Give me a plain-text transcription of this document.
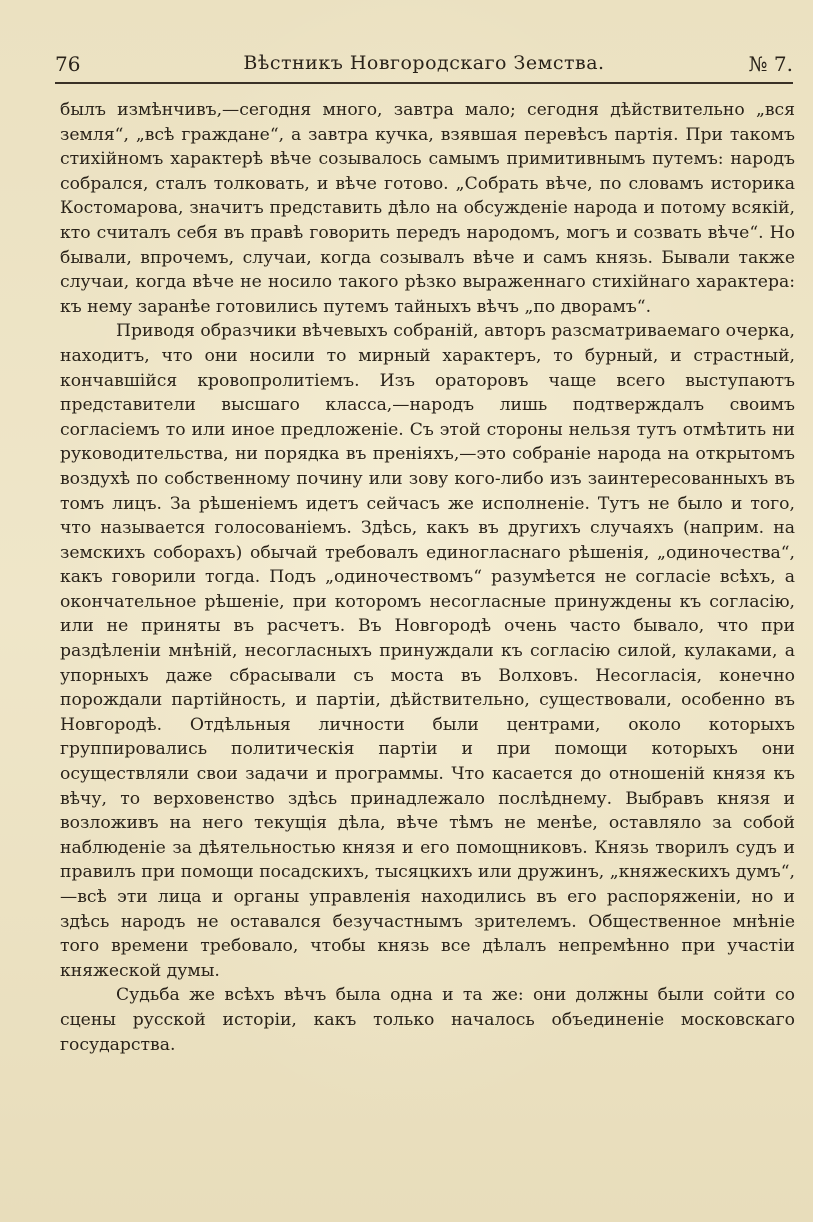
76	Вѣстникъ Новгородскаго Земства.	№ 7.

былъ измѣнчивъ,—сегодня много, завтра мало; сегодня дѣйствительно „вся земля“, „всѣ граждане“, а завтра кучка, взявшая перевѣсъ партія. При такомъ стихійномъ характерѣ вѣче созывалось самымъ примитивнымъ путемъ: народъ собрался, сталъ толковать, и вѣче готово. „Собрать вѣче, по словамъ историка Костомарова, значитъ представить дѣло на обсужденіе народа и потому всякій, кто считалъ себя въ правѣ говорить передъ народомъ, могъ и созвать вѣче“. Но бывали, впрочемъ, случаи, когда созывалъ вѣче и самъ князь. Бывали также случаи, когда вѣче не носило такого рѣзко выраженнаго стихійнаго характера: къ нему заранѣе готовились путемъ тайныхъ вѣчъ „по дворамъ“.

Приводя образчики вѣчевыхъ собраній, авторъ разсматриваемаго очерка, находитъ, что они носили то мирный характеръ, то бурный, и страстный, кончавшійся кровопролитіемъ. Изъ ораторовъ чаще всего выступаютъ представители высшаго класса,—народъ лишь подтверждалъ своимъ согласіемъ то или иное предложеніе. Съ этой стороны нельзя тутъ отмѣтить ни руководительства, ни порядка въ преніяхъ,—это собраніе народа на открытомъ воздухѣ по собственному почину или зову кого-либо изъ заинтересованныхъ въ томъ лицъ. За рѣшеніемъ идетъ сейчасъ же исполненіе. Тутъ не было и того, что называется голосованіемъ. Здѣсь, какъ въ другихъ случаяхъ (наприм. на земскихъ соборахъ) обычай требовалъ единогласнаго рѣшенія, „одиночества“, какъ говорили тогда. Подъ „одиночествомъ“ разумѣется не согласіе всѣхъ, а окончательное рѣшеніе, при которомъ несогласные принуждены къ согласію, или не приняты въ расчетъ. Въ Новгородѣ очень часто бывало, что при раздѣленіи мнѣній, несогласныхъ принуждали къ согласію силой, кулаками, а упорныхъ даже сбрасывали съ моста въ Волховъ. Несогласія, конечно порождали партійность, и партіи, дѣйствительно, существовали, особенно въ Новгородѣ. Отдѣльныя личности были центрами, около которыхъ группировались политическія партіи и при помощи которыхъ они осуществляли свои задачи и программы. Что касается до отношеній князя къ вѣчу, то верховенство здѣсь принадлежало послѣднему. Выбравъ князя и возложивъ на него текущія дѣла, вѣче тѣмъ не менѣе, оставляло за собой наблюденіе за дѣятельностью князя и его помощниковъ. Князь творилъ судъ и правилъ при помощи посадскихъ, тысяцкихъ или дружинъ, „княжескихъ думъ“,—всѣ эти лица и органы управленія находились въ его распоряженіи, но и здѣсь народъ не оставался безучастнымъ зрителемъ. Общественное мнѣніе того времени требовало, чтобы князь все дѣлалъ непремѣнно при участіи княжеской думы.

Судьба же всѣхъ вѣчъ была одна и та же: они должны были сойти со сцены русской исторіи, какъ только началось объединеніе московскаго государства.
